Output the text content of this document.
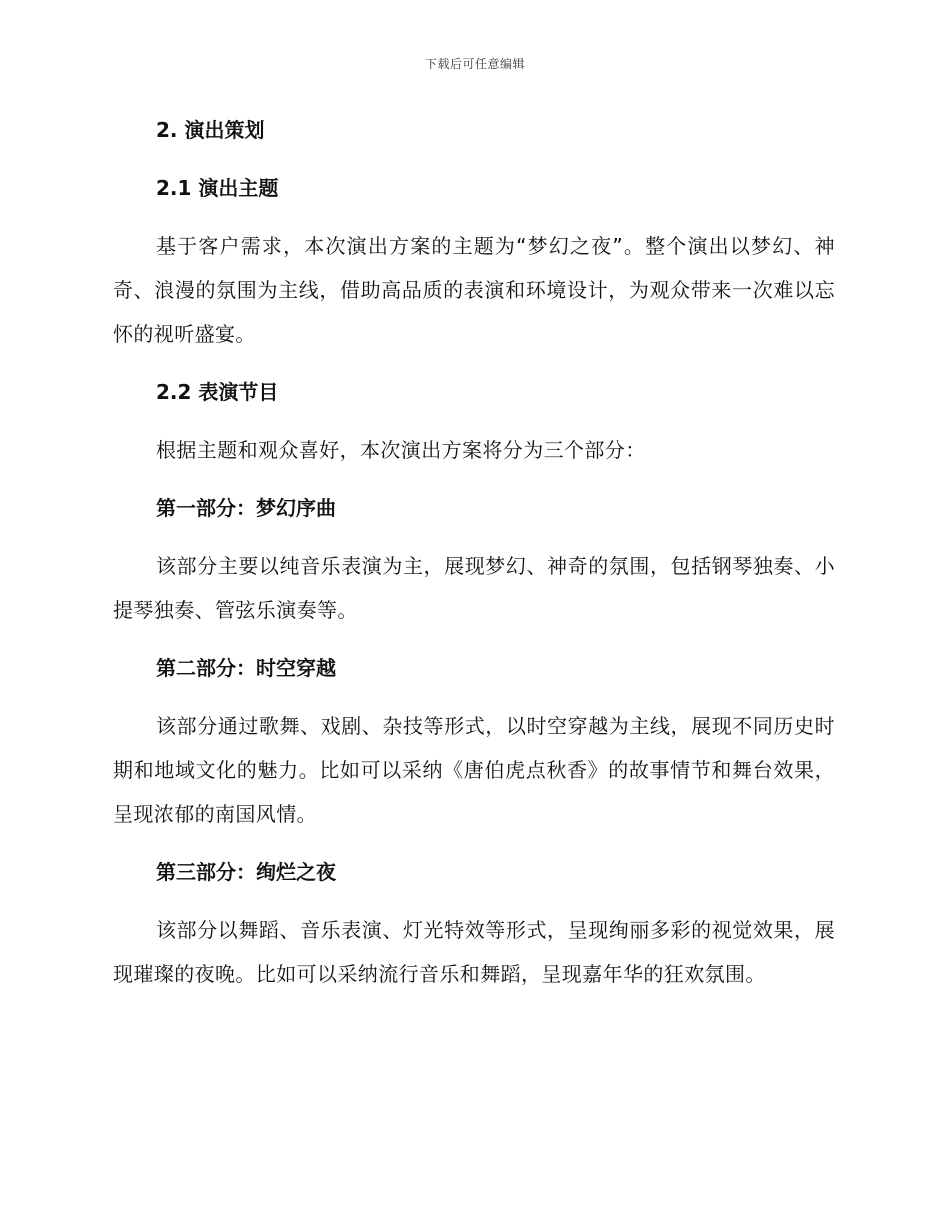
下载后可任意编辑
2. 演出策划
2.1 演出主题

基于客户需求，本次演出方案的主题为“梦幻之夜”。整个演出以梦幻、神奇、浪漫的氛围为主线，借助高品质的表演和环境设计，为观众带来一次难以忘怀的视听盛宴。

2.2 表演节目

根据主题和观众喜好，本次演出方案将分为三个部分：

第一部分：梦幻序曲

该部分主要以纯音乐表演为主，展现梦幻、神奇的氛围，包括钢琴独奏、小提琴独奏、管弦乐演奏等。

第二部分：时空穿越

该部分通过歌舞、戏剧、杂技等形式，以时空穿越为主线，展现不同历史时期和地域文化的魅力。比如可以采纳《唐伯虎点秋香》的故事情节和舞台效果，呈现浓郁的南国风情。

第三部分：绚烂之夜

该部分以舞蹈、音乐表演、灯光特效等形式，呈现绚丽多彩的视觉效果，展现璀璨的夜晚。比如可以采纳流行音乐和舞蹈，呈现嘉年华的狂欢氛围。
